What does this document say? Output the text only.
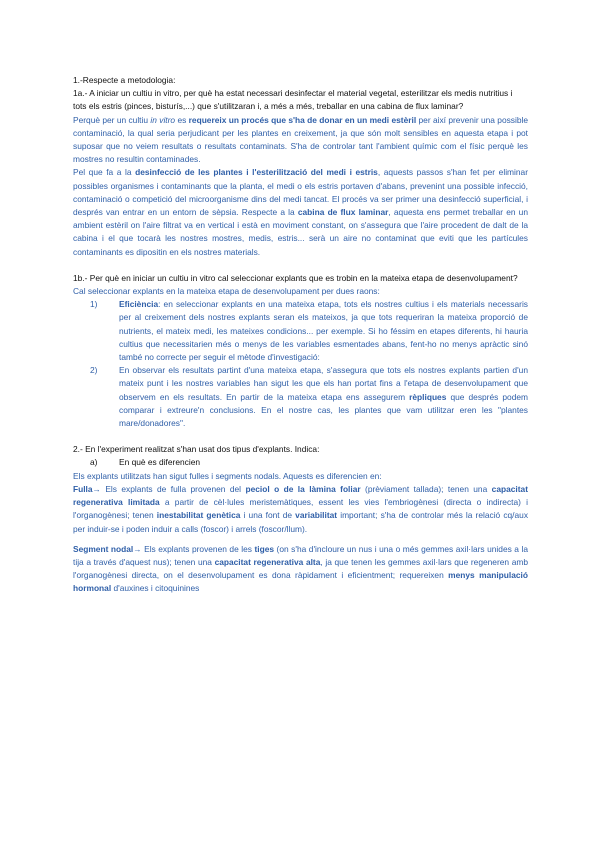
1.-Respecte a metodologia:

1a.- A iniciar un cultiu in vitro, per què ha estat necessari desinfectar el material vegetal, esterilitzar els medis nutritius i tots els estris (pinces, bisturís,...) que s'utilitzaran i, a més a més, treballar en una cabina de flux laminar?

Perquè per un cultiu in vitro es requereix un procés que s'ha de donar en un medi estèril per així prevenir una possible contaminació, la qual seria perjudicant per les plantes en creixement, ja que són molt sensibles en aquesta etapa i pot suposar que no veiem resultats o resultats contaminats. S'ha de controlar tant l'ambient químic com el físic perquè les mostres no resultin contaminades.

Pel que fa a la desinfecció de les plantes i l'esterilització del medi i estris, aquests passos s'han fet per eliminar possibles organismes i contaminants que la planta, el medi o els estris portaven d'abans, prevenint una possible infecció, contaminació o competició del microorganisme dins del medi tancat. El procés va ser primer una desinfecció superficial, i després van entrar en un entorn de sèpsia. Respecte a la cabina de flux laminar, aquesta ens permet treballar en un ambient estèril on l'aire filtrat va en vertical i està en moviment constant, on s'assegura que l'aire procedent de dalt de la cabina i el que tocarà les nostres mostres, medis, estris... serà un aire no contaminat que eviti que les partícules contaminants es dipositin en els nostres materials.

1b.- Per què en iniciar un cultiu in vitro cal seleccionar explants que es trobin en la mateixa etapa de desenvolupament?

Cal seleccionar explants en la mateixa etapa de desenvolupament per dues raons:

1)	Eficiència: en seleccionar explants en una mateixa etapa, tots els nostres cultius i els materials necessaris per al creixement dels nostres explants seran els mateixos, ja que tots requeriran la mateixa proporció de nutrients, el mateix medi, les mateixes condicions... per exemple. Si ho féssim en etapes diferents, hi hauria cultius que necessitarien més o menys de les variables esmentades abans, fent-ho no menys apràctic sinó també no correcte per seguir el mètode d'investigació:
2)	En observar els resultats partint d'una mateixa etapa, s'assegura que tots els nostres explants partien d'un mateix punt i les nostres variables han sigut les que els han portat fins a l'etapa de desenvolupament que observem en els resultats. En partir de la mateixa etapa ens assegurem rèpliques que després podem comparar i extreure'n conclusions. En el nostre cas, les plantes que vam utilitzar eren les "plantes mare/donadores".

2.- En l'experiment realitzat s'han usat dos tipus d'explants. Indica:

a)	En què es diferencien

Els explants utilitzats han sigut fulles i segments nodals. Aquests es diferencien en:

Fulla→ Els explants de fulla provenen del peciol o de la làmina foliar (prèviament tallada); tenen una capacitat regenerativa limitada a partir de cèl·lules meristemàtiques, essent les vies l'embriogènesi (directa o indirecta) i l'organogènesi; tenen inestabilitat genètica i una font de variabilitat important; s'ha de controlar més la relació cq/aux per induir-se i poden induir a calls (foscor) i arrels (foscor/llum).

Segment nodal→ Els explants provenen de les tiges (on s'ha d'incloure un nus i una o més gemmes axil·lars unides a la tija a través d'aquest nus); tenen una capacitat regenerativa alta, ja que tenen les gemmes axil·lars que regeneren amb l'organogènesi directa, on el desenvolupament es dona ràpidament i eficientment; requereixen menys manipulació hormonal d'auxines i citoquinines
